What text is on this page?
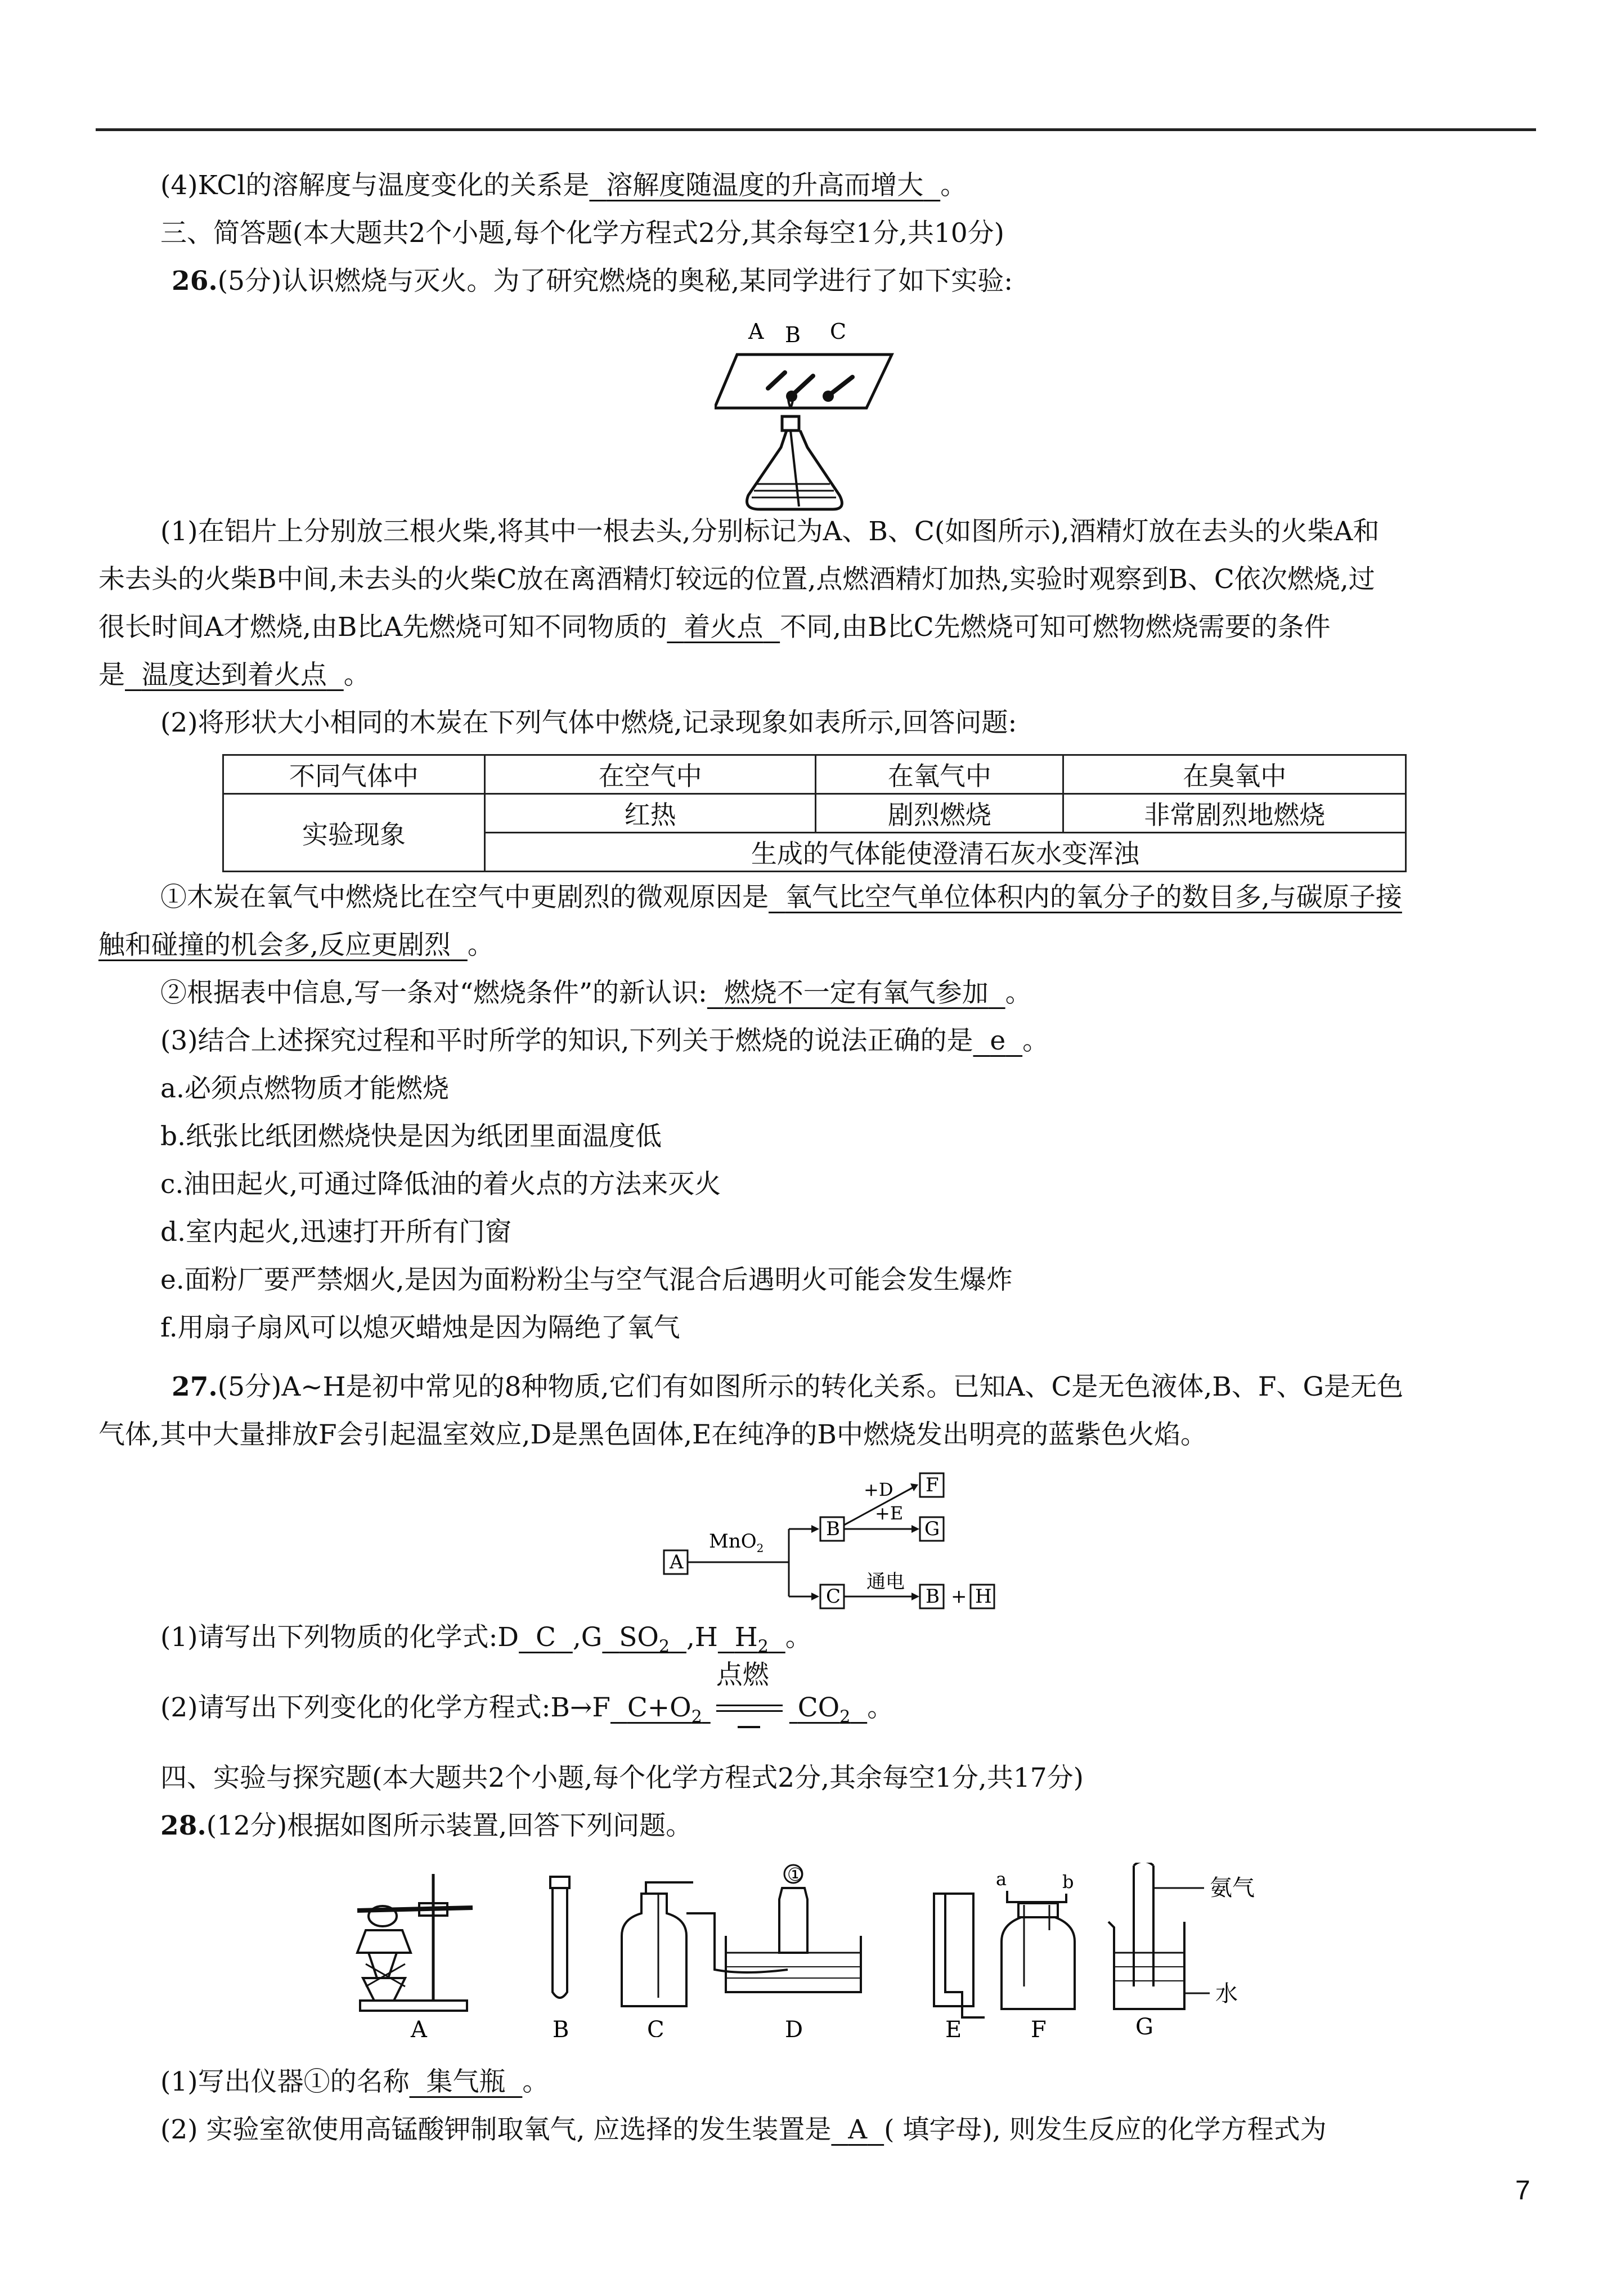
(4)KCl的溶解度与温度变化的关系是 溶解度随温度的升高而增大 。
三、简答题(本大题共2个小题,每个化学方程式2分,其余每空1分,共10分)
26.(5分)认识燃烧与灭火。为了研究燃烧的奥秘,某同学进行了如下实验:
A B C
(1)在铝片上分别放三根火柴,将其中一根去头,分别标记为A、B、C(如图所示),酒精灯放在去头的火柴A和
未去头的火柴B中间,未去头的火柴C放在离酒精灯较远的位置,点燃酒精灯加热,实验时观察到B、C依次燃烧,过
很长时间A才燃烧,由B比A先燃烧可知不同物质的 着火点 不同,由B比C先燃烧可知可燃物燃烧需要的条件
是 温度达到着火点 。
(2)将形状大小相同的木炭在下列气体中燃烧,记录现象如表所示,回答问题:
不同气体中	在空气中	在氧气中	在臭氧中
实验现象	红热	剧烈燃烧	非常剧烈地燃烧
	生成的气体能使澄清石灰水变浑浊		
①木炭在氧气中燃烧比在空气中更剧烈的微观原因是 氧气比空气单位体积内的氧分子的数目多,与碳原子接
触和碰撞的机会多,反应更剧烈 。
②根据表中信息,写一条对“燃烧条件”的新认识: 燃烧不一定有氧气参加 。
(3)结合上述探究过程和平时所学的知识,下列关于燃烧的说法正确的是 e 。
a.必须点燃物质才能燃烧
b.纸张比纸团燃烧快是因为纸团里面温度低
c.油田起火,可通过降低油的着火点的方法来灭火
d.室内起火,迅速打开所有门窗
e.面粉厂要严禁烟火,是因为面粉粉尘与空气混合后遇明火可能会发生爆炸
f.用扇子扇风可以熄灭蜡烛是因为隔绝了氧气
27.(5分)A~H是初中常见的8种物质,它们有如图所示的转化关系。已知A、C是无色液体,B、F、G是无色
气体,其中大量排放F会引起温室效应,D是黑色固体,E在纯净的B中燃烧发出明亮的蓝紫色火焰。
A
MnO$_2$
B
C
+D F
+E
G
通电
B + H
(1)请写出下列物质的化学式:D C ,G $SO_2$ ,H $H_2$ 。
(2)请写出下列变化的化学方程式:B→F $C+O_2$
点燃
$CO_2$ 。
四、实验与探究题(本大题共2个小题,每个化学方程式2分,其余每空1分,共17分)
28.(12分)根据如图所示装置,回答下列问题。
①	a	b	氨气
水
A	B	C	D	E	F	G
(1)写出仪器①的名称 集气瓶 。
(2) 实验室欲使用高锰酸钾制取氧气, 应选择的发生装置是 A ( 填字母), 则发生反应的化学方程式为
7
